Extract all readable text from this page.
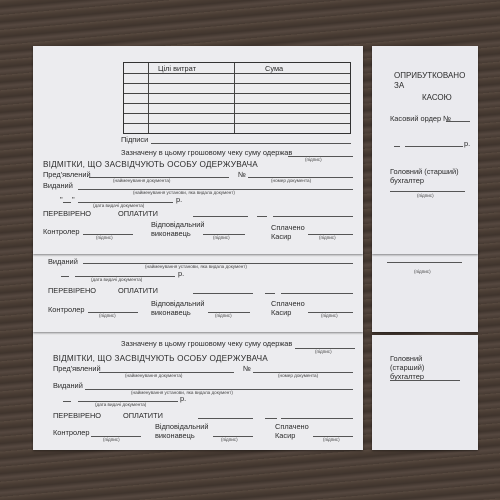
Зазначену в цьому грошовому чеку суму одержав
(підпис)
ВІДМІТКИ, ЩО ЗАСВІДЧУЮТЬ ОСОБУ ОДЕРЖУВАЧА
Пред'явлений
(найменування документа)
№
(номер документа)
Виданий
(найменування установи, яка видала документ)
р.
(дата видачі документа)
ПЕРЕВІРЕНО	ОПЛАТИТИ
Контролер
(підпис)
Відповідальний виконавець	(підпис)
Сплачено Касир	(підпис)
Головний (старший) бухгалтер
Виданий
(найменування установи, яка видала документ)
р.
(дата видачі документа)
ПЕРЕВІРЕНО	ОПЛАТИТИ
Контролер
(підпис)
Відповідальний виконавець	(підпис)
Сплачено Касир	(підпис)
(підпис)
Цілі витрат	Сума
Підписи
Зазначену в цьому грошовому чеку суму одержав
(підпис)
ВІДМІТКИ, ЩО ЗАСВІДЧУЮТЬ ОСОБУ ОДЕРЖУВАЧА
Пред'явлений
(найменування документа)
№
(номер документа)
Виданий
(найменування установи, яка видала документ)
" "	р.
(дата видачі документа)
ПЕРЕВІРЕНО	ОПЛАТИТИ
Контролер
(підпис)
Відповідальний виконавець	(підпис)
Сплачено Касир	(підпис)
ОПРИБУТКОВАНО
ЗА
КАСОЮ
Касовий ордер №
р.
Головний (старший) бухгалтер
(підпис)
